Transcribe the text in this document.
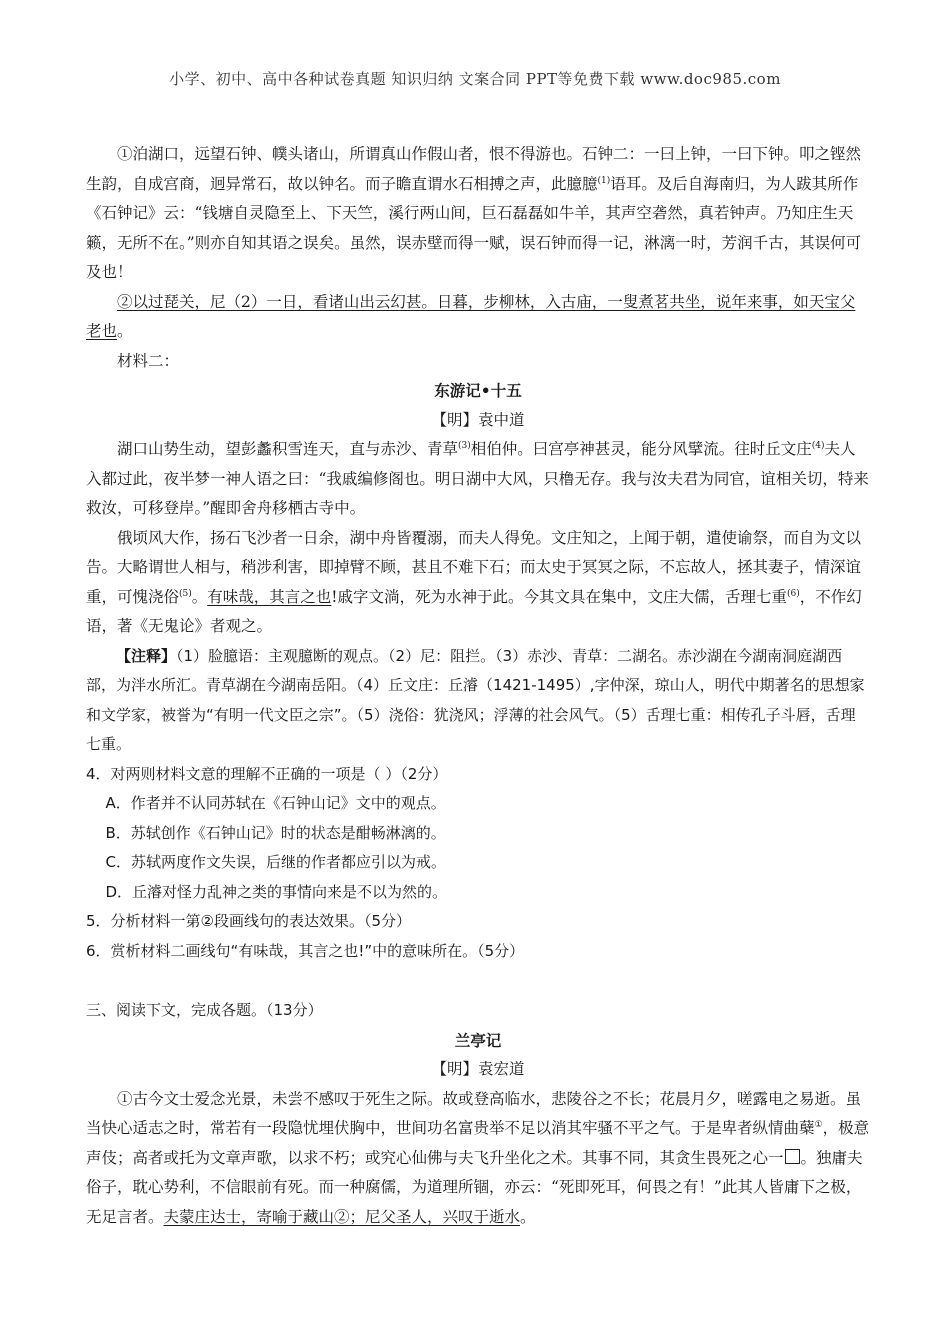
小学、初中、高中各种试卷真题 知识归纳 文案合同 PPT等免费下载 www.doc985.com

①泊湖口，远望石钟、幞头诸山，所谓真山作假山者，恨不得游也。石钟二：一曰上钟，一曰下钟。叩之铿然生韵，自成宫商，迥异常石，故以钟名。而子瞻直谓水石相搏之声，此臆臆$^{(1)}$语耳。及后自海南归，为人跋其所作《石钟记》云：“钱塘自灵隐至上、下天竺，溪行两山间，巨石磊磊如牛羊，其声空砻然，真若钟声。乃知庄生天籁，无所不在。”则亦自知其语之误矣。虽然，误赤壁而得一赋，误石钟而得一记，淋漓一时，芳润千古，其误何可及也！

②以过琵关，尼（2）一日，看诸山出云幻甚。日暮，步柳林，入古庙，一叟煮茗共坐，说年来事，如天宝父老也。

材料二：

东游记•十五

【明】袁中道

湖口山势生动，望彭蠡积雪连天，直与赤沙、青草$^{(3)}$相伯仲。曰宫亭神甚灵，能分风擘流。往时丘文庄$^{(4)}$夫人入都过此，夜半梦一神人语之曰：“我戚编修阁也。明日湖中大风，只橹无存。我与汝夫君为同官，谊相关切，特来救汝，可移登岸。”醒即舍舟移栖古寺中。

俄顷风大作，扬石飞沙者一日余，湖中舟皆覆溺，而夫人得免。文庄知之，上闻于朝，遣使谕祭，而自为文以告。大略谓世人相与，稍涉利害，即掉臂不顾，甚且不难下石；而太史于冥冥之际，不忘故人，拯其妻子，情深谊重，可愧浇俗$^{(5)}$。有味哉，其言之也!戚字文淌，死为水神于此。今其文具在集中，文庄大儒，舌理七重$^{(6)}$，不作幻语，著《无鬼论》者观之。

【注释】（1）脸臆语：主观臆断的观点。（2）尼：阻拦。（3）赤沙、青草：二湖名。赤沙湖在今湖南洞庭湖西部，为泮水所汇。青草湖在今湖南岳阳。（4）丘文庄：丘濬（1421-1495）,字仲深，琼山人，明代中期著名的思想家和文学家，被誉为“有明一代文臣之宗”。（5）浇俗：犹浇风；浮薄的社会风气。（5）舌理七重：相传孔子斗唇，舌理七重。

4．对两则材料文意的理解不正确的一项是（ ）（2分）

A．作者并不认同苏轼在《石钟山记》文中的观点。

B．苏轼创作《石钟山记》时的状态是酣畅淋漓的。

C．苏轼两度作文失误，后继的作者都应引以为戒。

D．丘濬对怪力乱神之类的事情向来是不以为然的。

5．分析材料一第②段画线句的表达效果。（5分）

6．赏析材料二画线句“有味哉，其言之也!”中的意味所在。（5分）

三、阅读下文，完成各题。（13分）

兰亭记

【明】袁宏道

①古今文士爱念光景，未尝不感叹于死生之际。故或登高临水，悲陵谷之不长；花晨月夕，嗟露电之易逝。虽当快心适志之时，常若有一段隐忧埋伏胸中，世间功名富贵举不足以消其牢骚不平之气。于是卑者纵情曲蘖①，极意声伎；高者或托为文章声歌，以求不朽；或究心仙佛与夫飞升坐化之术。其事不同，其贪生畏死之心一 。独庸夫俗子，耽心势利，不信眼前有死。而一种腐儒，为道理所锢，亦云：“死即死耳，何畏之有！”此其人皆庸下之极，无足言者。夫蒙庄达士，寄喻于藏山②；尼父圣人，兴叹于逝水。
